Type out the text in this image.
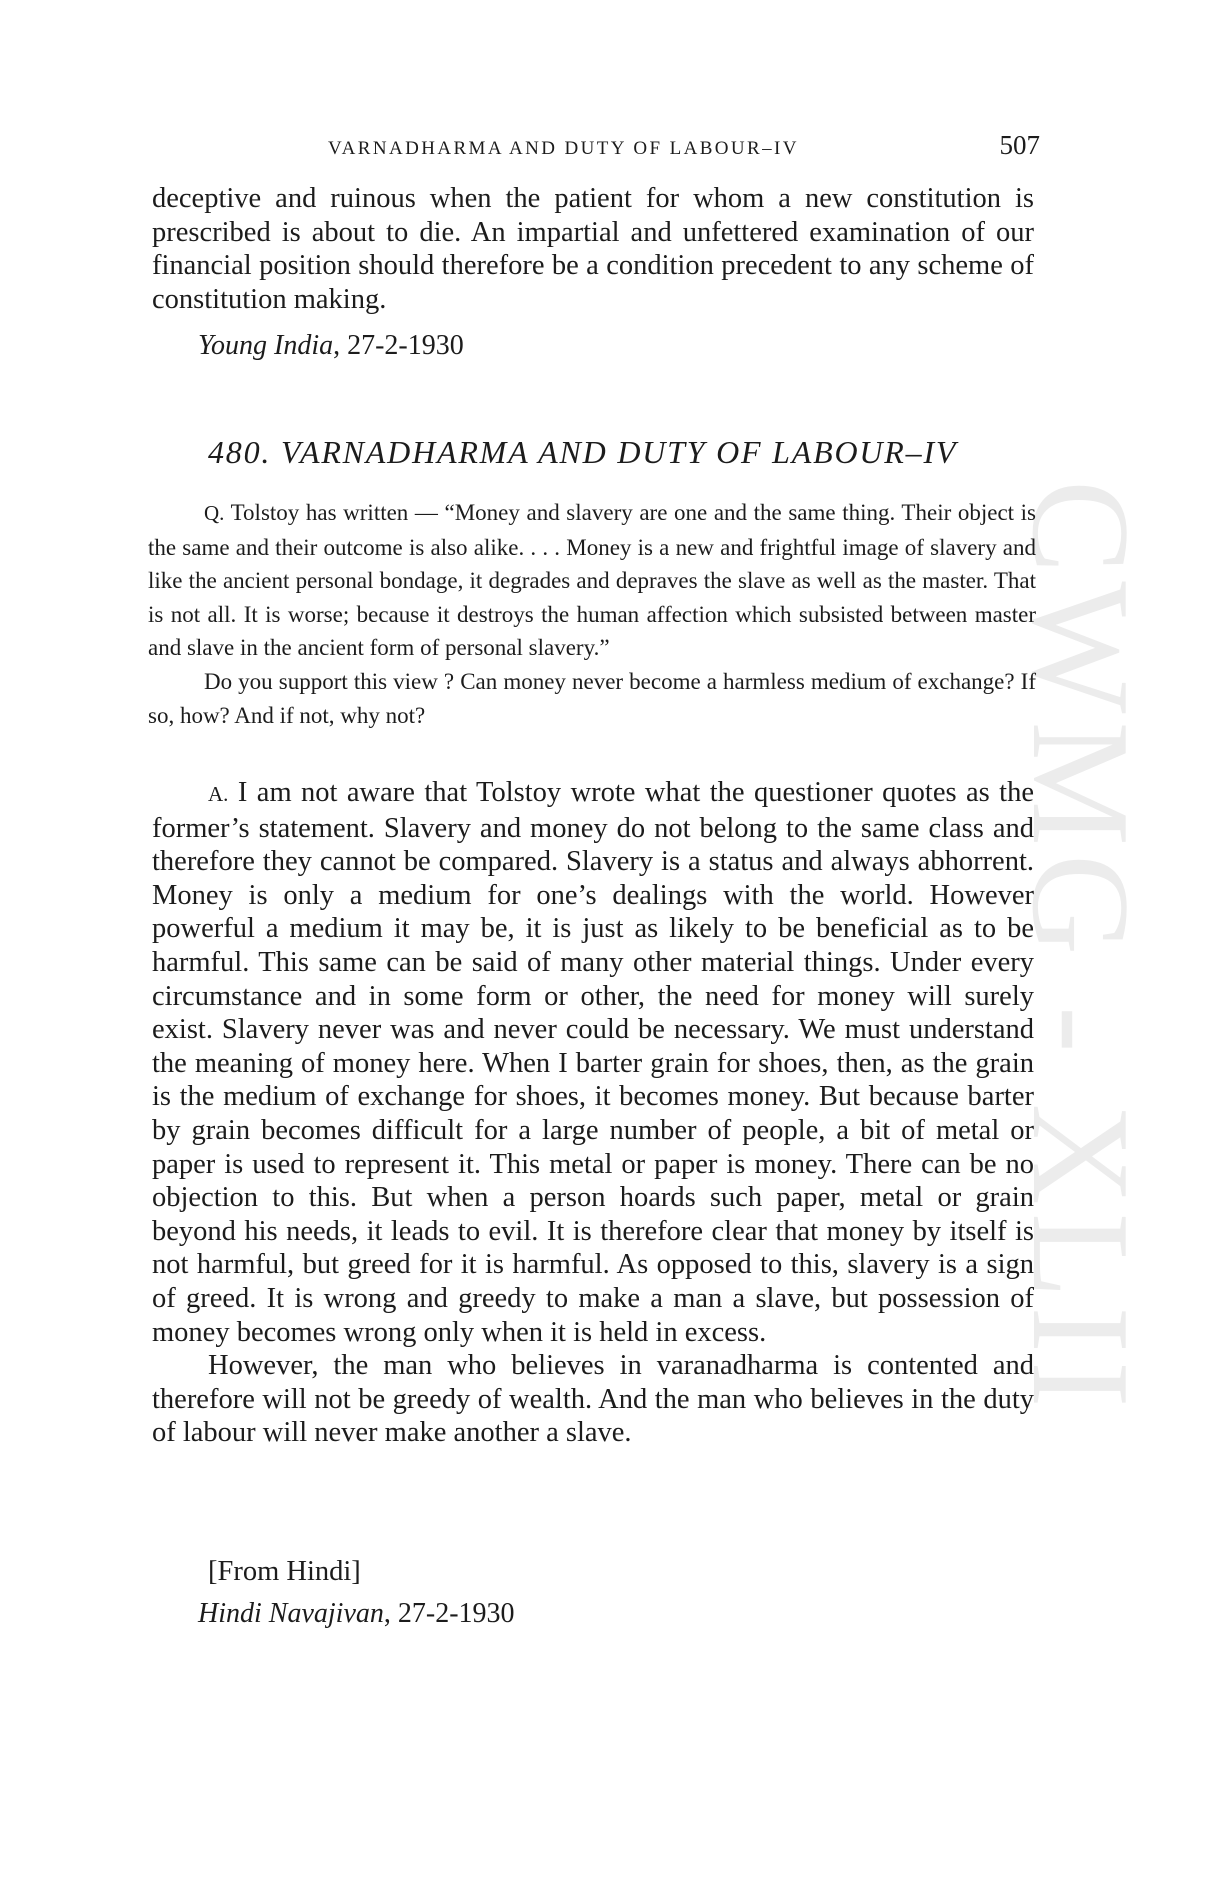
CWMG - XLII
VARNADHARMA AND DUTY OF LABOUR–IV	507

deceptive and ruinous when the patient for whom a new constitution is prescribed is about to die. An impartial and unfettered examination of our financial position should therefore be a condition precedent to any scheme of constitution making.

Young India, 27-2-1930
480. VARNADHARMA AND DUTY OF LABOUR–IV

Q. Tolstoy has written — “Money and slavery are one and the same thing. Their object is the same and their outcome is also alike. . . . Money is a new and frightful image of slavery and like the ancient personal bondage, it degrades and depraves the slave as well as the master. That is not all. It is worse; because it destroys the human affection which subsisted between master and slave in the ancient form of personal slavery.”

Do you support this view ? Can money never become a harmless medium of exchange? If so, how? And if not, why not?

A. I am not aware that Tolstoy wrote what the questioner quotes as the former’s statement. Slavery and money do not belong to the same class and therefore they cannot be compared. Slavery is a status and always abhorrent. Money is only a medium for one’s dealings with the world. However powerful a medium it may be, it is just as likely to be beneficial as to be harmful. This same can be said of many other material things. Under every circumstance and in some form or other, the need for money will surely exist. Slavery never was and never could be necessary. We must understand the meaning of money here. When I barter grain for shoes, then, as the grain is the medium of exchange for shoes, it becomes money. But because barter by grain becomes difficult for a large number of people, a bit of metal or paper is used to represent it. This metal or paper is money. There can be no objection to this. But when a person hoards such paper, metal or grain beyond his needs, it leads to evil. It is therefore clear that money by itself is not harmful, but greed for it is harmful. As opposed to this, slavery is a sign of greed. It is wrong and greedy to make a man a slave, but possession of money becomes wrong only when it is held in excess.

However, the man who believes in varanadharma is contented and therefore will not be greedy of wealth. And the man who believes in the duty of labour will never make another a slave.

[From Hindi]
Hindi Navajivan, 27-2-1930
